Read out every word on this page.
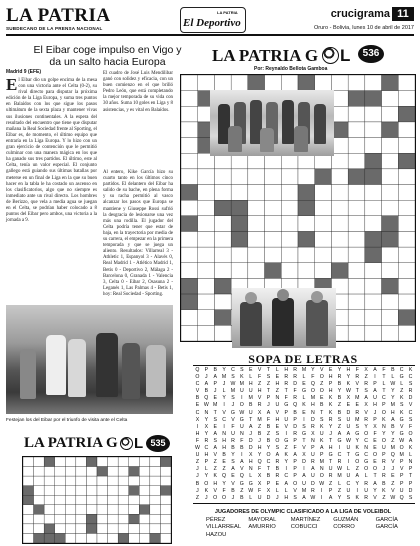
LA PATRIA
SUBDECANO DE LA PRENSA NACIONAL
LA PATRIA
El Deportivo
crucigrama 11
Oruro - Bolivia, lunes 10 de abril de 2017
El Eibar coge impulso en Vigo y da un salto hacia Europa
Madrid 9 (EFE)
El Eibar dio un golpe encima de la mesa con una victoria ante el Celta (0-2), su rival directo para disputar la próxima edición de la Liga Europa, y suma tres puntos en Balaídos con los que sigue los pasos ultimátum de la sexta plaza y mantener vivas sus ilusiones continentales. A la espera del resultado del encuentro que tiene que disputar mañana la Real Sociedad frente al Sporting, el Eibar es, de momento, el último equipo que entraría en la Liga Europa. Y lo hizo con un gran ejercicio de contención que le permitió culminar con una manera mágica en los que ha ganado sus tres partidos. El último, este al Celta, tenía un valor especial. El conjunto gallego está guiando sus últimas batallas por meterse en un final de Liga en la que su buen hacer en la tabla le ha costado un ascenso en los clasificatorios, algo que no siempre es inmediato ante un rival directo. Los hombres de Berizzo, que vela a media agua se juegan en el Celta, se podrían haber colocado a 8 puntos del Eibar pero ambos, una victoria a la jornada a 9.
El cuadro de José Luis Mendilibar ganó con solidez y eficacia, con un buen comienzo en el que brilló Pedro León, que está completando la mejor temporada de su vida con 30 años. Suma 10 goles en Liga y 8 asistencias, y es vital en Balaídos.
Al entero, Kike García hizo su cuarto tanto en los últimos cinco partidos. El delantero del Eibar ha salido de su bache, en plena forma y su racha permitió al vasco alcanzar los pasos que Europa se mantiene y Giuseppe Rossi sufrió la desgracia de lesionarse una vez más una rodilla. El jugador del Celta podría tener que estar de baja, en la trayectoria por media de su carrera, el empezar en la primera temporada y que se juega un aliento. Resultados: Villarreal 3 - Athletic 1, Espanyol 3 - Alavés 0, Real Madrid 1 - Atlético Madrid 1, Betis 0 - Deportivo 2, Málaga 2 - Barcelona 0, Granada 1 - Valencia 3, Celta 0 - Eibar 2, Osasuna 2 - Leganés 1, Las Palmas 4 - Betis 1, hoy: Real Sociedad - Sporting.
Festejan los del Eibar por el triunfo de visita ante el Celta
LA PATRIA G L 535
LA PATRIA G L	536
Por: Reynaldo Bellota Gamboa
SOPA DE LETRAS
Q P	B	Y	C	S	E	V	T	L	H R M Y	V	E	Y	H	F	X	A	F	B	C	K
O	J	A M S	K	L	F	S	E	R R	L	F	O H R	Y	R	Z	I	T	L	G C
C	A	P	J W M H	Z	Z	H R D	E Q	Z	P	B	K	V	R	P	L W L	S
V	B	J	L	M U U H	T	Z	T	F	G O O H	Y W T	S	A	T	Y	Z	R
B Q E	Y	S	I	M V	P	N	F	R	L	M E	K	B	X M A	U C	Y	K	D
E W M	I	J	O B	R	J	U G Q K	H	B	K	Z	E	E	X	H	P M S	V
C N	T	V G W U	X	A	V	P	B	E	N	T	K	B	D R	V	J	O H	K	C
X	Y	S	C	V G	T M F	H U	P	I	D	S	R	S	U M R	P	K	A G S
I	X	E	I	F	U	A	Z	B	E	V	D	S	R	K	Y	Z	U	S	Y	X	N	B	V	F
H	Y	A	N U N	J	B	Z	S	I	R G X	U	J	A	A G O	F	Y	Y G O
F	R	S	H R	F	D	J	B O G P	T	N	K	T	G W Y	C	E O	Z W A
W C	A	H	B	B	D H	Y	S	Z	F	V	P	A	H	I	U	K	N	E	U M O K
U H	V	B	Y	I	X	Y O A	K	A	X	U	P G C	T	G C O P Q M	L
Z	P	Z	E	S	A	H Q C R	Y	P	D R M T	R	I	O G E	R	V	P	N
J	L	Z	Z	A	V	N	F	T	B	I	P	I	A	N U W L	Z	O O	J	J	V	P
J	Y	K Q E Q	L	X	B	R C	P	A	U O R M U	A	L	T	R	E	P	T
B O H	Y	V G G X	P	E	A O U D W Z	L	C	Y	R	A	B	Z	P	P
J	K	V	F	B	Z W F	X	L	L	V M R	I	P	Z	U	I	U	Y	K	V	U D
Z	J	O O	J	B	L	U D	J	H	S	A W	I	A	Y	S	K	R	V	Z W Q S
JUGADORES DE OLYMPIC CLASIFICADO A LA LIGA DE VOLEIBOL
PÉREZ	MAYORAL	MARTÍNEZ	GUZMÁN	GARCÍA
VILLARREAL	AMURRIO	COBUCCI	CORRO	GARCÍA
HAZOU
